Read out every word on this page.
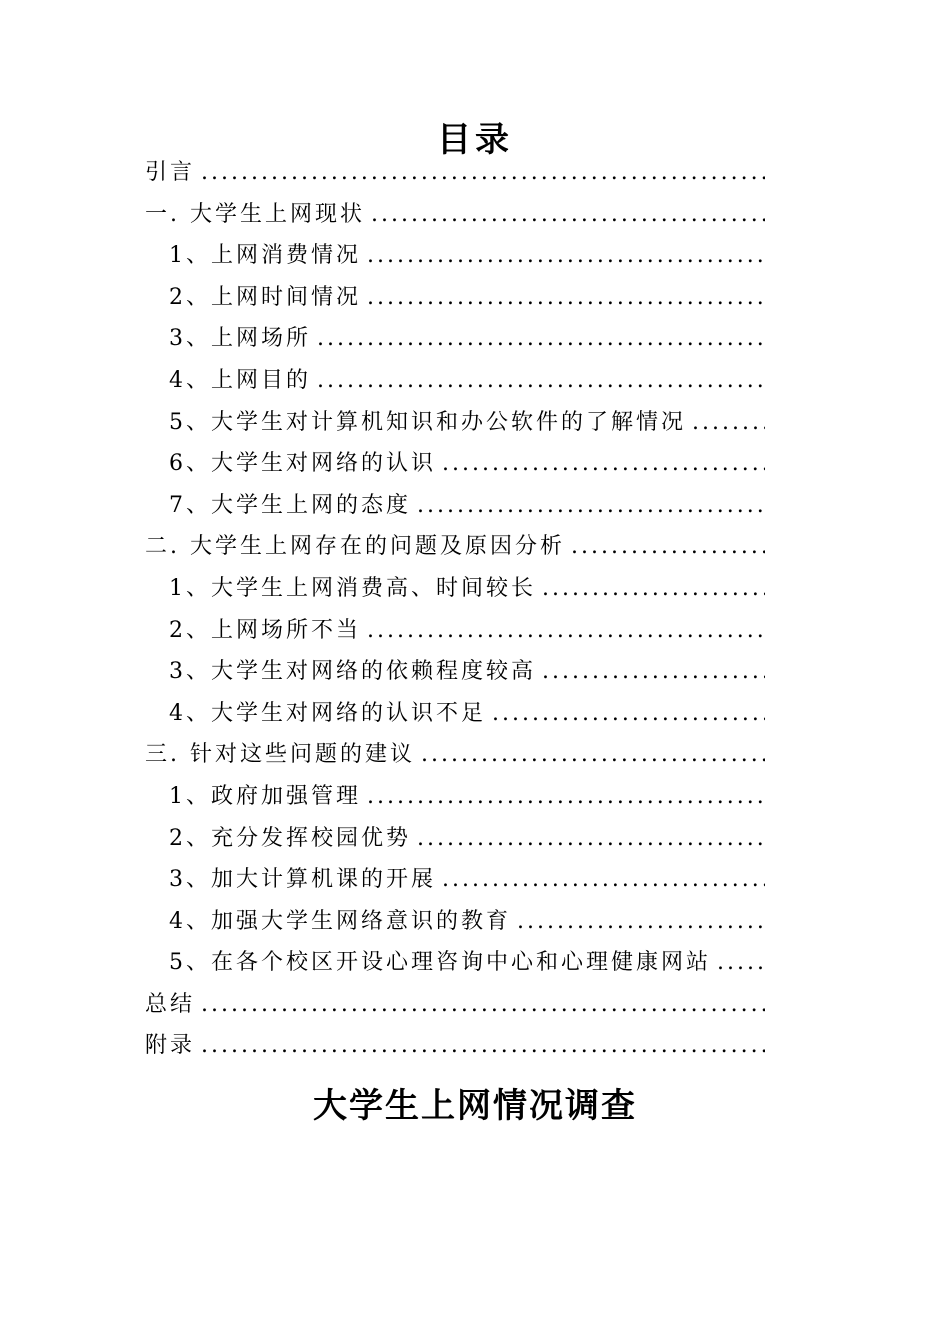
目录
引言
.....
一. 大学生上网现状
.....
1、上网消费情况
.....
2、上网时间情况
.....
3、上网场所
.....
4、上网目的
.....
5、大学生对计算机知识和办公软件的了解情况
.....
6、大学生对网络的认识
.....
7、大学生上网的态度
.....
二. 大学生上网存在的问题及原因分析
.....
1、大学生上网消费高、时间较长
.....
2、上网场所不当
.....
3、大学生对网络的依赖程度较高
.....
4、大学生对网络的认识不足
.....
三. 针对这些问题的建议
.....
1、政府加强管理
.....
2、充分发挥校园优势
.....
3、加大计算机课的开展
.....
4、加强大学生网络意识的教育
.....
5、在各个校区开设心理咨询中心和心理健康网站
.....
总结
.....
附录
.....
大学生上网情况调查
